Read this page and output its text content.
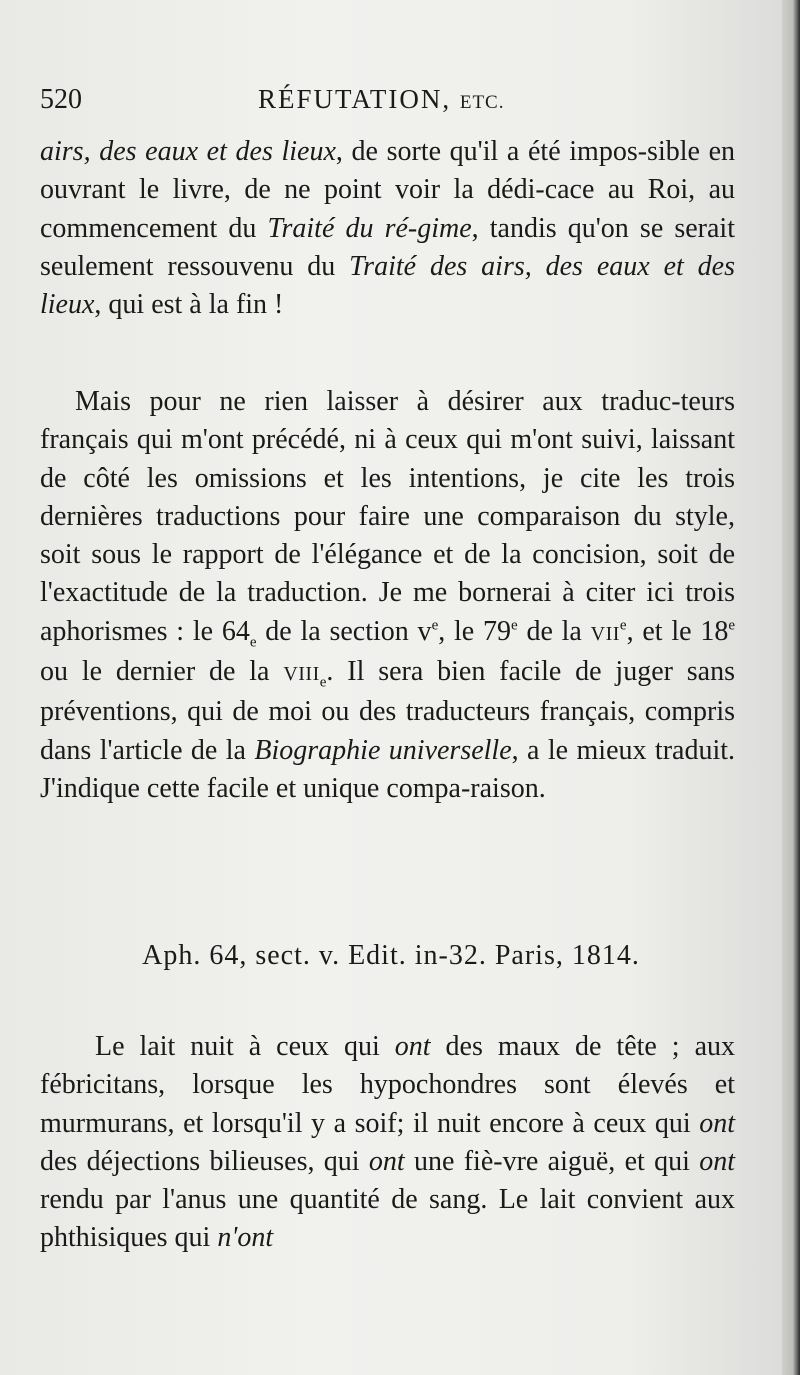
520	RÉFUTATION, ETC.
airs, des eaux et des lieux, de sorte qu'il a été impos-sible en ouvrant le livre, de ne point voir la dédi-cace au Roi, au commencement du Traité du ré-gime, tandis qu'on se serait seulement ressouvenu du Traité des airs, des eaux et des lieux, qui est à la fin !
Mais pour ne rien laisser à désirer aux traduc-teurs français qui m'ont précédé, ni à ceux qui m'ont suivi, laissant de côté les omissions et les intentions, je cite les trois dernières traductions pour faire une comparaison du style, soit sous le rapport de l'élégance et de la concision, soit de l'exactitude de la traduction. Je me bornerai à citer ici trois aphorismes : le $64_e$ de la section $v^e$, le 79e de la VIIe, et le 18e ou le dernier de la $VIII_e$. Il sera bien facile de juger sans préventions, qui de moi ou des traducteurs français, compris dans l'article de la Biographie universelle, a le mieux traduit. J'indique cette facile et unique compa-raison.
Aph. 64, sect. v. Edit. in-32. Paris, 1814.
Le lait nuit à ceux qui ont des maux de tête ; aux fébricitans, lorsque les hypochondres sont élevés et murmurans, et lorsqu'il y a soif; il nuit encore à ceux qui ont des déjections bilieuses, qui ont une fiè-vre aiguë, et qui ont rendu par l'anus une quantité de sang. Le lait convient aux phthisiques qui n'ont
